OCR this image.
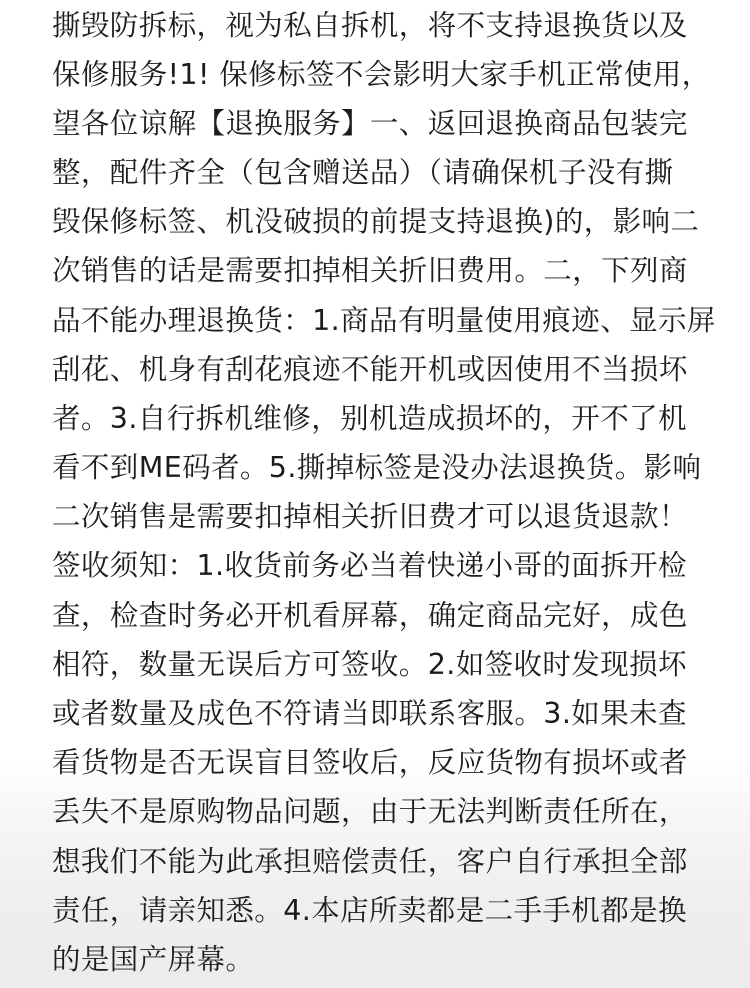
撕毁防拆标，视为私自拆机，将不支持退换货以及
保修服务!1! 保修标签不会影明大家手机正常使用，
望各位谅解【退换服务】一、返回退换商品包装完
整，配件齐全（包含赠送品）（请确保机子没有撕
毁保修标签、机没破损的前提支持退换)的，影响二
次销售的话是需要扣掉相关折旧费用。二，下列商
品不能办理退换货：1.商品有明量使用痕迹、显示屏
刮花、机身有刮花痕迹不能开机或因使用不当损坏
者。3.自行拆机维修，别机造成损坏的，开不了机
看不到ME码者。5.撕掉标签是没办法退换货。影响
二次销售是需要扣掉相关折旧费才可以退货退款！
签收须知：1.收货前务必当着快递小哥的面拆开检
查，检查时务必开机看屏幕，确定商品完好，成色
相符，数量无误后方可签收。2.如签收时发现损坏
或者数量及成色不符请当即联系客服。3.如果未查
看货物是否无误盲目签收后，反应货物有损坏或者
丢失不是原购物品问题，由于无法判断责任所在，
想我们不能为此承担赔偿责任，客户自行承担全部
责任，请亲知悉。4.本店所卖都是二手手机都是换
的是国产屏幕。
